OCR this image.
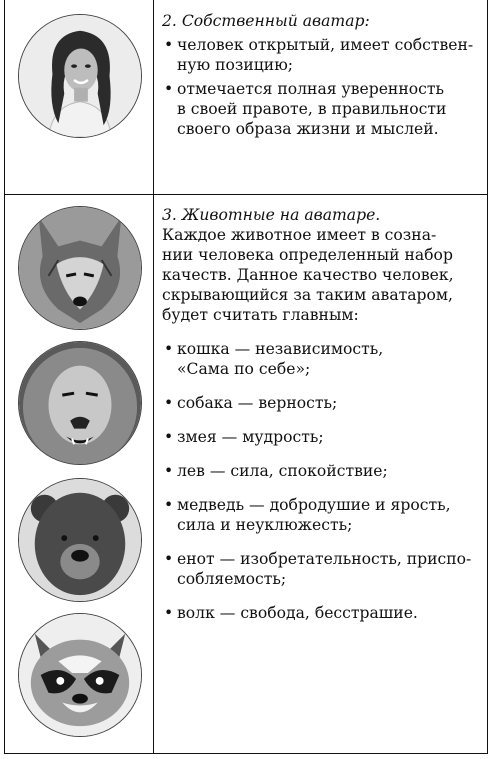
2. Собственный аватар:
• человек открытый, имеет собствен-
ную позицию;
• отмечается полная уверенность
в своей правоте, в правильности
своего образа жизни и мыслей.
3. Животные на аватаре.
Каждое животное имеет в созна-
нии человека определенный набор
качеств. Данное качество человек,
скрывающийся за таким аватаром,
будет считать главным:
• кошка — независимость,
«Сама по себе»;
• собака — верность;
• змея — мудрость;
• лев — сила, спокойствие;
• медведь — добродушие и ярость,
сила и неуклюжесть;
• енот — изобретательность, приспо-
собляемость;
• волк — свобода, бесстрашие.
